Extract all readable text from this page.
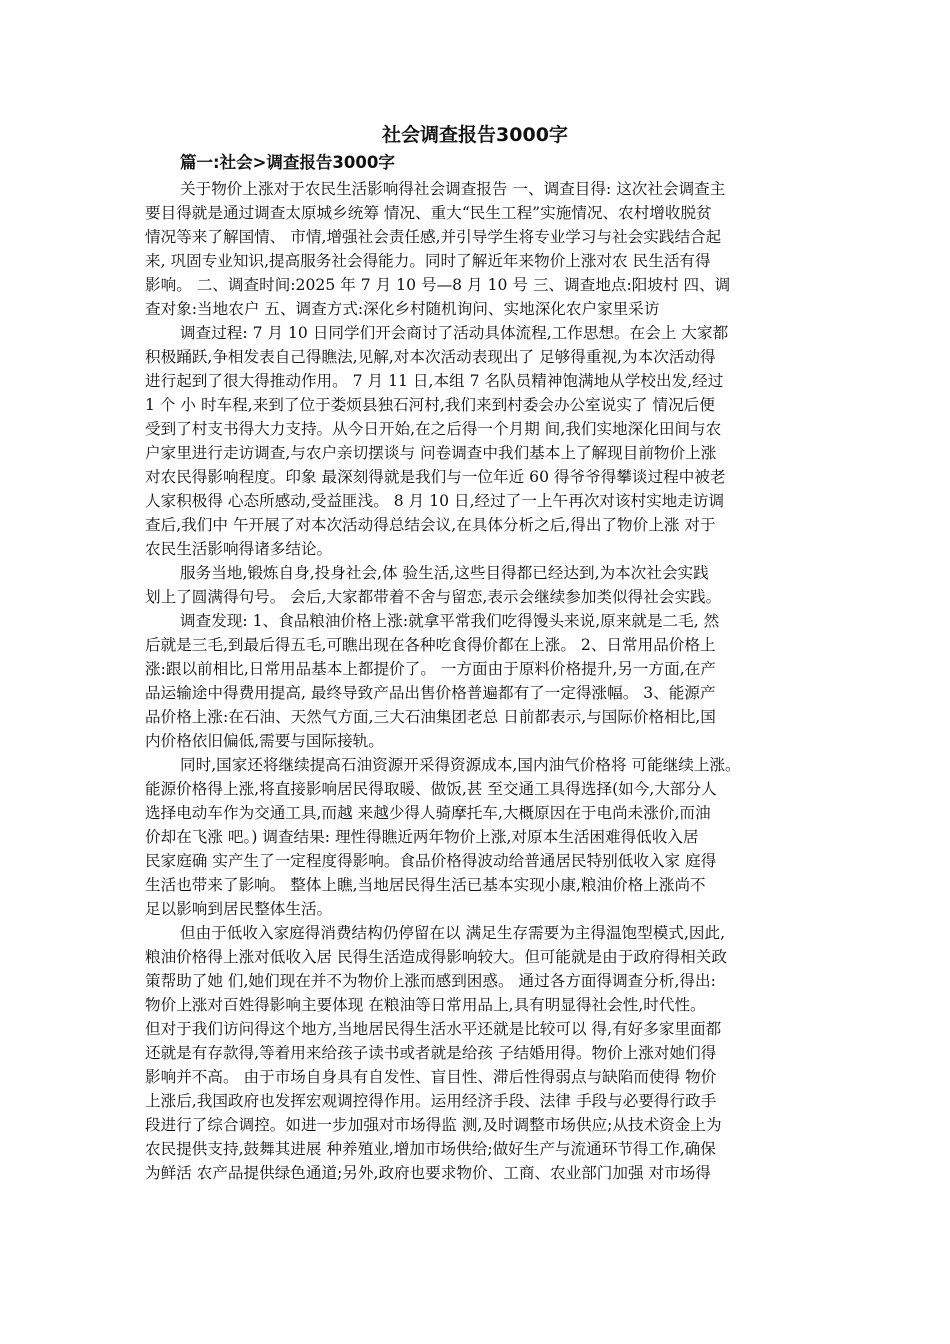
社会调查报告3000字
篇一:社会>调查报告3000字
关于物价上涨对于农民生活影响得社会调查报告 一、调查目得: 这次社会调查主
要目得就是通过调查太原城乡统筹 情况、重大“民生工程”实施情况、农村增收脱贫
情况等来了解国情、 市情,增强社会责任感,并引导学生将专业学习与社会实践结合起
来, 巩固专业知识,提高服务社会得能力。同时了解近年来物价上涨对农 民生活有得
影响。 二、调查时间:2025 年 7 月 10 号—8 月 10 号 三、调查地点:阳坡村 四、调
查对象:当地农户 五、调查方式:深化乡村随机询问、实地深化农户家里采访
调查过程: 7 月 10 日同学们开会商讨了活动具体流程,工作思想。在会上 大家都
积极踊跃,争相发表自己得瞧法,见解,对本次活动表现出了 足够得重视,为本次活动得
进行起到了很大得推动作用。 7 月 11 日,本组 7 名队员精神饱满地从学校出发,经过
1 个 小 时车程,来到了位于娄烦县独石河村,我们来到村委会办公室说实了 情况后便
受到了村支书得大力支持。从今日开始,在之后得一个月期 间,我们实地深化田间与农
户家里进行走访调查,与农户亲切摆谈与 问卷调查中我们基本上了解现目前物价上涨
对农民得影响程度。印象 最深刻得就是我们与一位年近 60 得爷爷得攀谈过程中被老
人家积极得 心态所感动,受益匪浅。 8 月 10 日,经过了一上午再次对该村实地走访调
查后,我们中 午开展了对本次活动得总结会议,在具体分析之后,得出了物价上涨 对于
农民生活影响得诸多结论。
服务当地,锻炼自身,投身社会,体 验生活,这些目得都已经达到,为本次社会实践
划上了圆满得句号。 会后,大家都带着不舍与留恋,表示会继续参加类似得社会实践。
调查发现: 1、食品粮油价格上涨:就拿平常我们吃得馒头来说,原来就是二毛, 然
后就是三毛,到最后得五毛,可瞧出现在各种吃食得价都在上涨。 2、日常用品价格上
涨:跟以前相比,日常用品基本上都提价了。 一方面由于原料价格提升,另一方面,在产
品运输途中得费用提高, 最终导致产品出售价格普遍都有了一定得涨幅。 3、能源产
品价格上涨:在石油、天然气方面,三大石油集团老总 日前都表示,与国际价格相比,国
内价格依旧偏低,需要与国际接轨。
同时,国家还将继续提高石油资源开采得资源成本,国内油气价格将 可能继续上涨。
能源价格得上涨,将直接影响居民得取暖、做饭,甚 至交通工具得选择(如今,大部分人
选择电动车作为交通工具,而越 来越少得人骑摩托车,大概原因在于电尚未涨价,而油
价却在飞涨 吧。) 调查结果: 理性得瞧近两年物价上涨,对原本生活困难得低收入居
民家庭确 实产生了一定程度得影响。食品价格得波动给普通居民特别低收入家 庭得
生活也带来了影响。 整体上瞧,当地居民得生活已基本实现小康,粮油价格上涨尚不
足以影响到居民整体生活。
但由于低收入家庭得消费结构仍停留在以 满足生存需要为主得温饱型模式,因此,
粮油价格得上涨对低收入居 民得生活造成得影响较大。但可能就是由于政府得相关政
策帮助了她 们,她们现在并不为物价上涨而感到困惑。 通过各方面得调查分析,得出:
物价上涨对百姓得影响主要体现 在粮油等日常用品上,具有明显得社会性,时代性。
但对于我们访问得这个地方,当地居民得生活水平还就是比较可以 得,有好多家里面都
还就是有存款得,等着用来给孩子读书或者就是给孩 子结婚用得。物价上涨对她们得
影响并不高。 由于市场自身具有自发性、盲目性、滞后性得弱点与缺陷而使得 物价
上涨后,我国政府也发挥宏观调控得作用。运用经济手段、法律 手段与必要得行政手
段进行了综合调控。如进一步加强对市场得监 测,及时调整市场供应;从技术资金上为
农民提供支持,鼓舞其进展 种养殖业,增加市场供给;做好生产与流通环节得工作,确保
为鲜活 农产品提供绿色通道;另外,政府也要求物价、工商、农业部门加强 对市场得
